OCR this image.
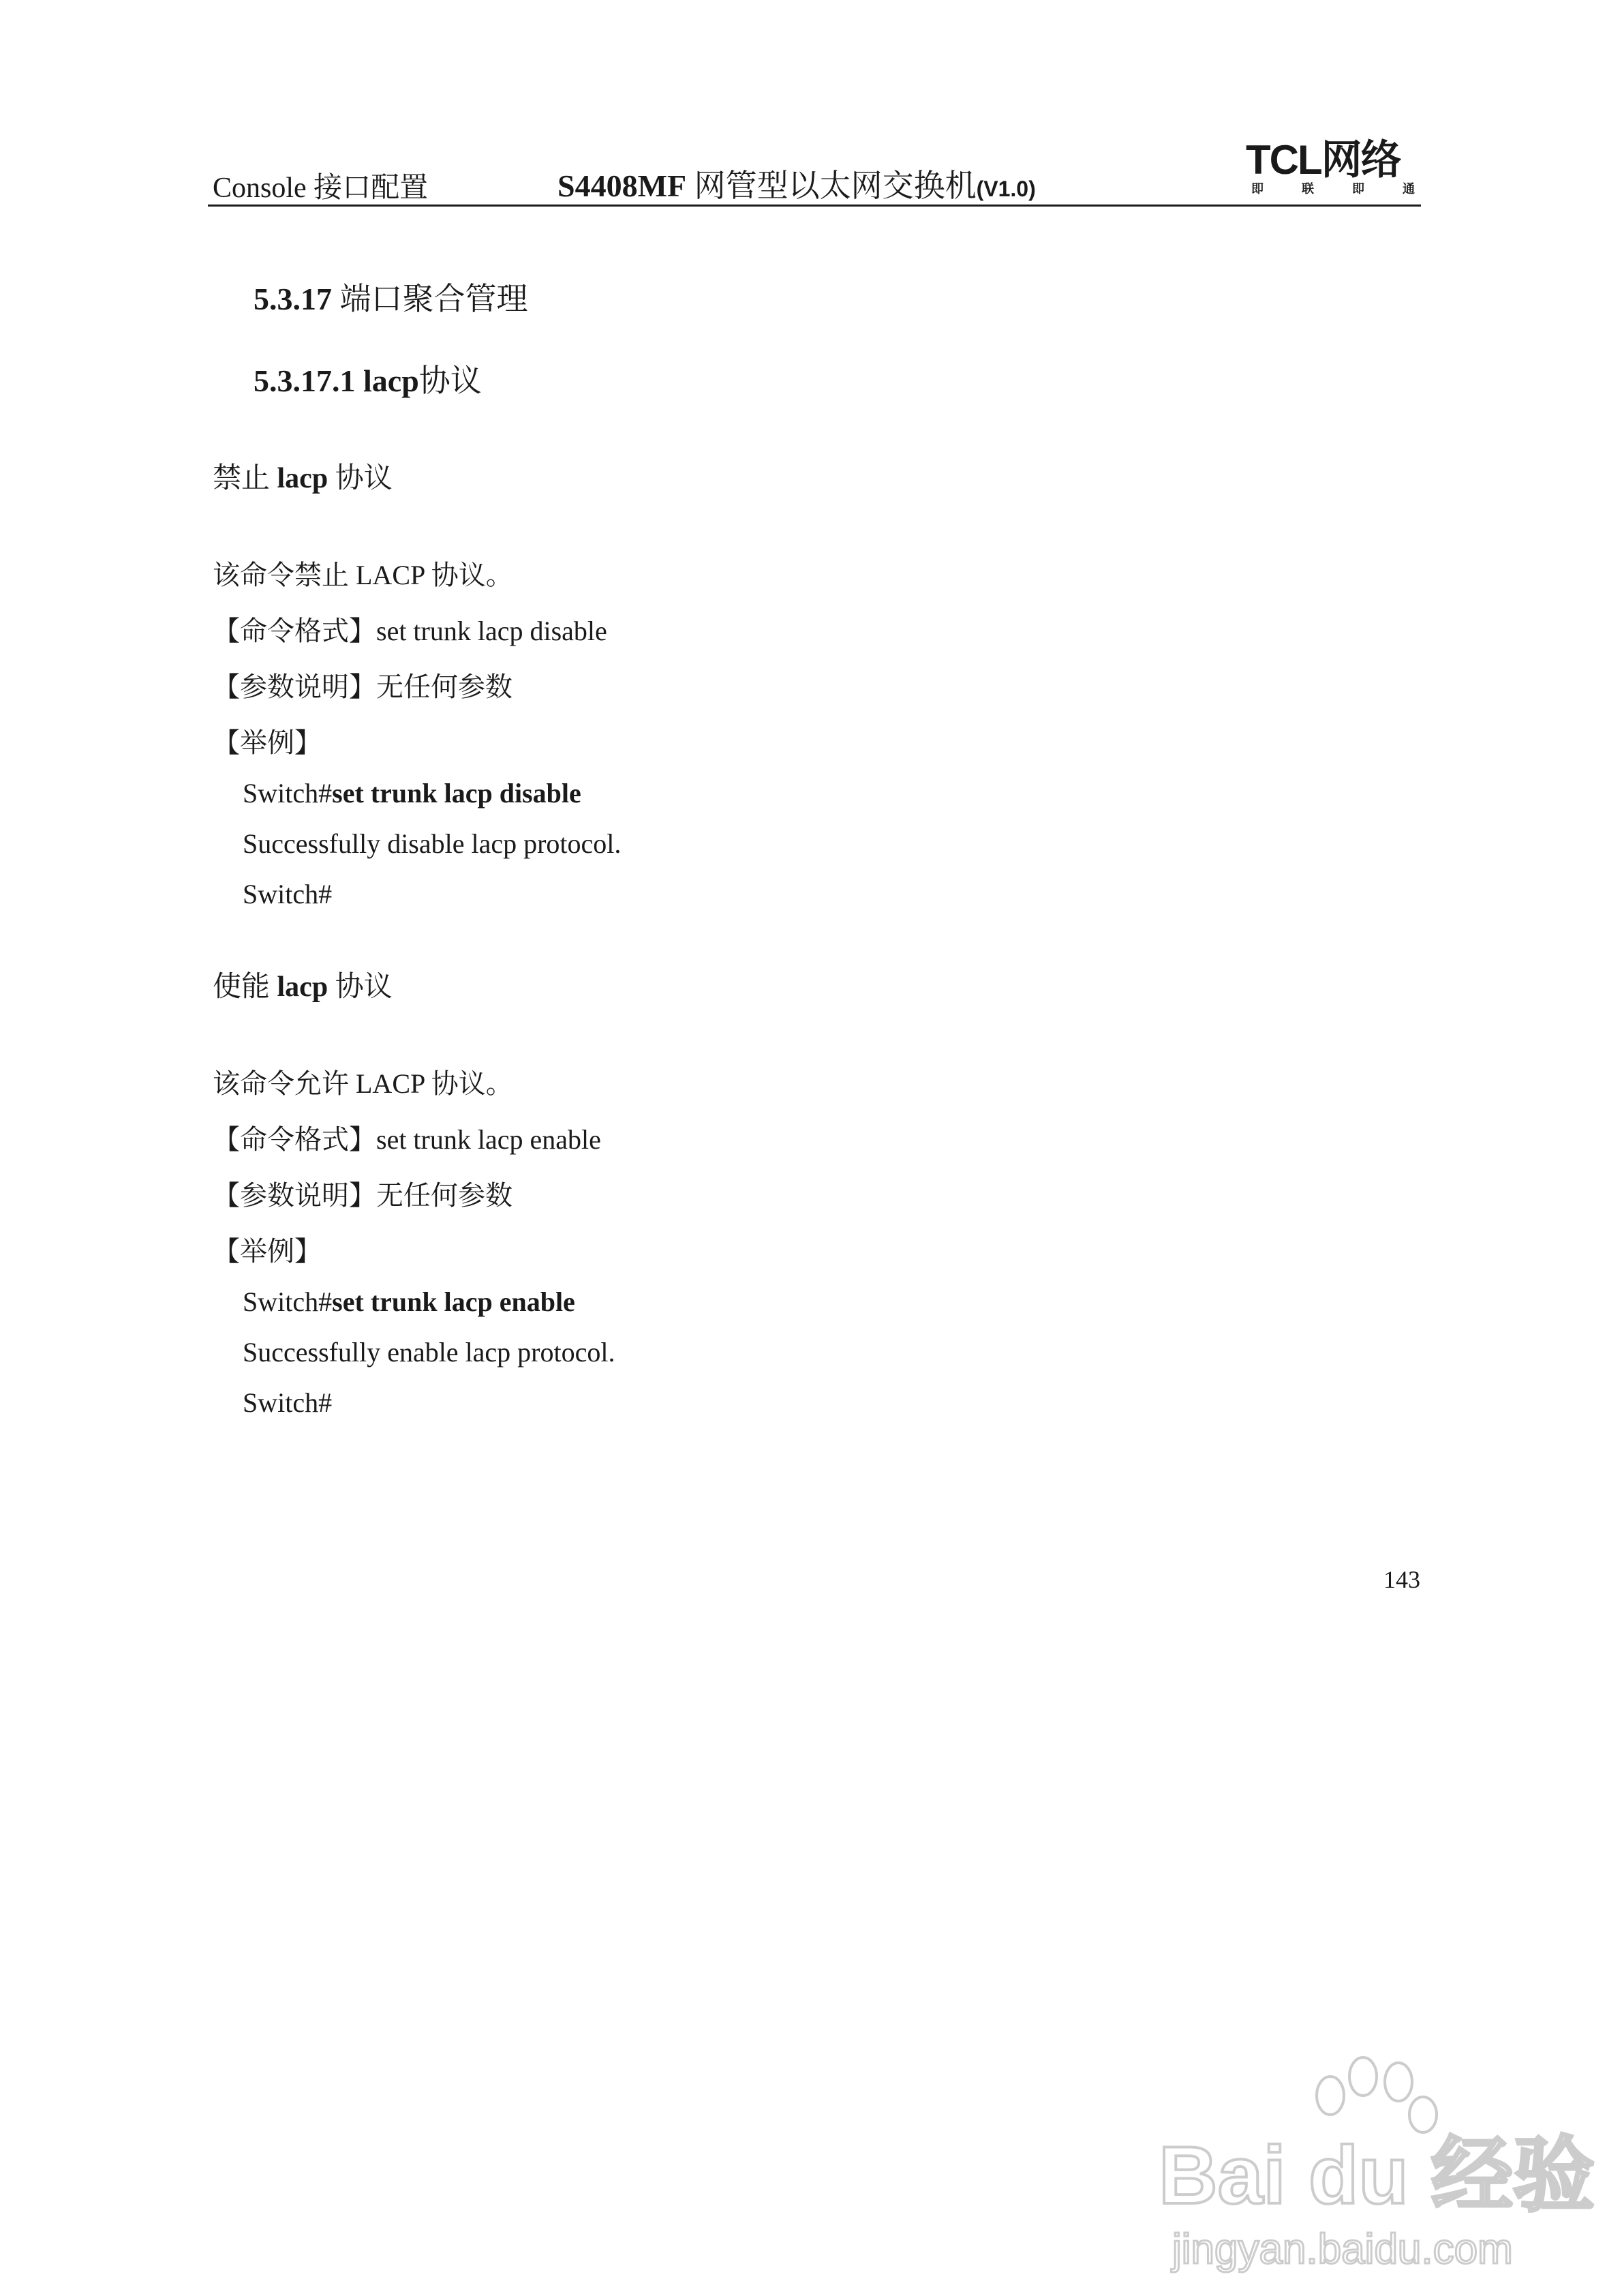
Console 接口配置	S4408MF 网管型以太网交换机(V1.0)
TCL网络
即	联	即	通
5.3.17 端口聚合管理
5.3.17.1 lacp协议
禁止 lacp 协议
该命令禁止 LACP 协议。
【命令格式】set trunk lacp disable
【参数说明】无任何参数
【举例】
Switch#set trunk lacp disable
Successfully disable lacp protocol.
Switch#
使能 lacp 协议
该命令允许 LACP 协议。
【命令格式】set trunk lacp enable
【参数说明】无任何参数
【举例】
Switch#set trunk lacp enable
Successfully enable lacp protocol.
Switch#
143
Bai du 经验
jingyan.baidu.com
